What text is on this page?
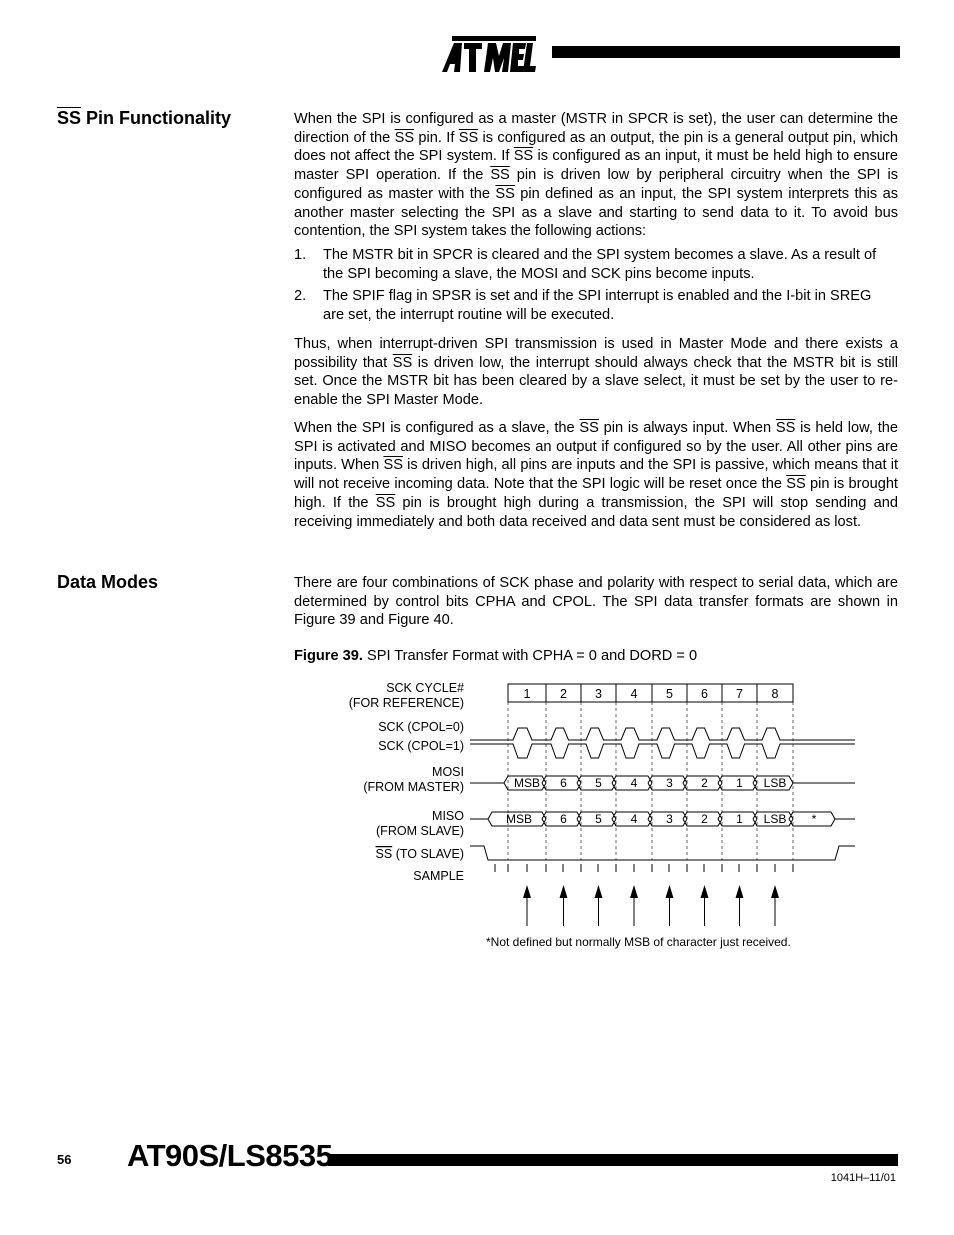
ATMEL
$\overline{SS}$ Pin Functionality	When the SPI is configured as a master (MSTR in SPCR is set), the user can determine the direction of the $\overline{SS}$ pin. If $\overline{SS}$ is configured as an output, the pin is a general output pin, which does not affect the SPI system. If $\overline{SS}$ is configured as an input, it must be held high to ensure master SPI operation. If the $\overline{SS}$ pin is driven low by peripheral circuitry when the SPI is configured as master with the $\overline{SS}$ pin defined as an input, the SPI system interprets this as another master selecting the SPI as a slave and starting to send data to it. To avoid bus contention, the SPI system takes the following actions:

1. The MSTR bit in SPCR is cleared and the SPI system becomes a slave. As a result of the SPI becoming a slave, the MOSI and SCK pins become inputs.
2. The SPIF flag in SPSR is set and if the SPI interrupt is enabled and the I-bit in SREG are set, the interrupt routine will be executed.

Thus, when interrupt-driven SPI transmission is used in Master Mode and there exists a possibility that $\overline{SS}$ is driven low, the interrupt should always check that the MSTR bit is still set. Once the MSTR bit has been cleared by a slave select, it must be set by the user to re-enable the SPI Master Mode.

When the SPI is configured as a slave, the $\overline{SS}$ pin is always input. When $\overline{SS}$ is held low, the SPI is activated and MISO becomes an output if configured so by the user. All other pins are inputs. When $\overline{SS}$ is driven high, all pins are inputs and the SPI is passive, which means that it will not receive incoming data. Note that the SPI logic will be reset once the $\overline{SS}$ pin is brought high. If the $\overline{SS}$ pin is brought high during a transmission, the SPI will stop sending and receiving immediately and both data received and data sent must be considered as lost.

Data Modes	There are four combinations of SCK phase and polarity with respect to serial data, which are determined by control bits CPHA and CPOL. The SPI data transfer formats are shown in Figure 39 and Figure 40.

Figure 39. SPI Transfer Format with CPHA = 0 and DORD = 0
SCK CYCLE#
(FOR REFERENCE)
SCK (CPOL=0)
SCK (CPOL=1)
MOSI
(FROM MASTER)
MISO
(FROM SLAVE)
SS (TO SLAVE)
SAMPLE
1 2 3 4 5 6 7 8
MSB 6 5 4 3 2 1 LSB
MSB 6 5 4 3 2 1 LSB *
*Not defined but normally MSB of character just received.
56 AT90S/LS8535
1041H–11/01
